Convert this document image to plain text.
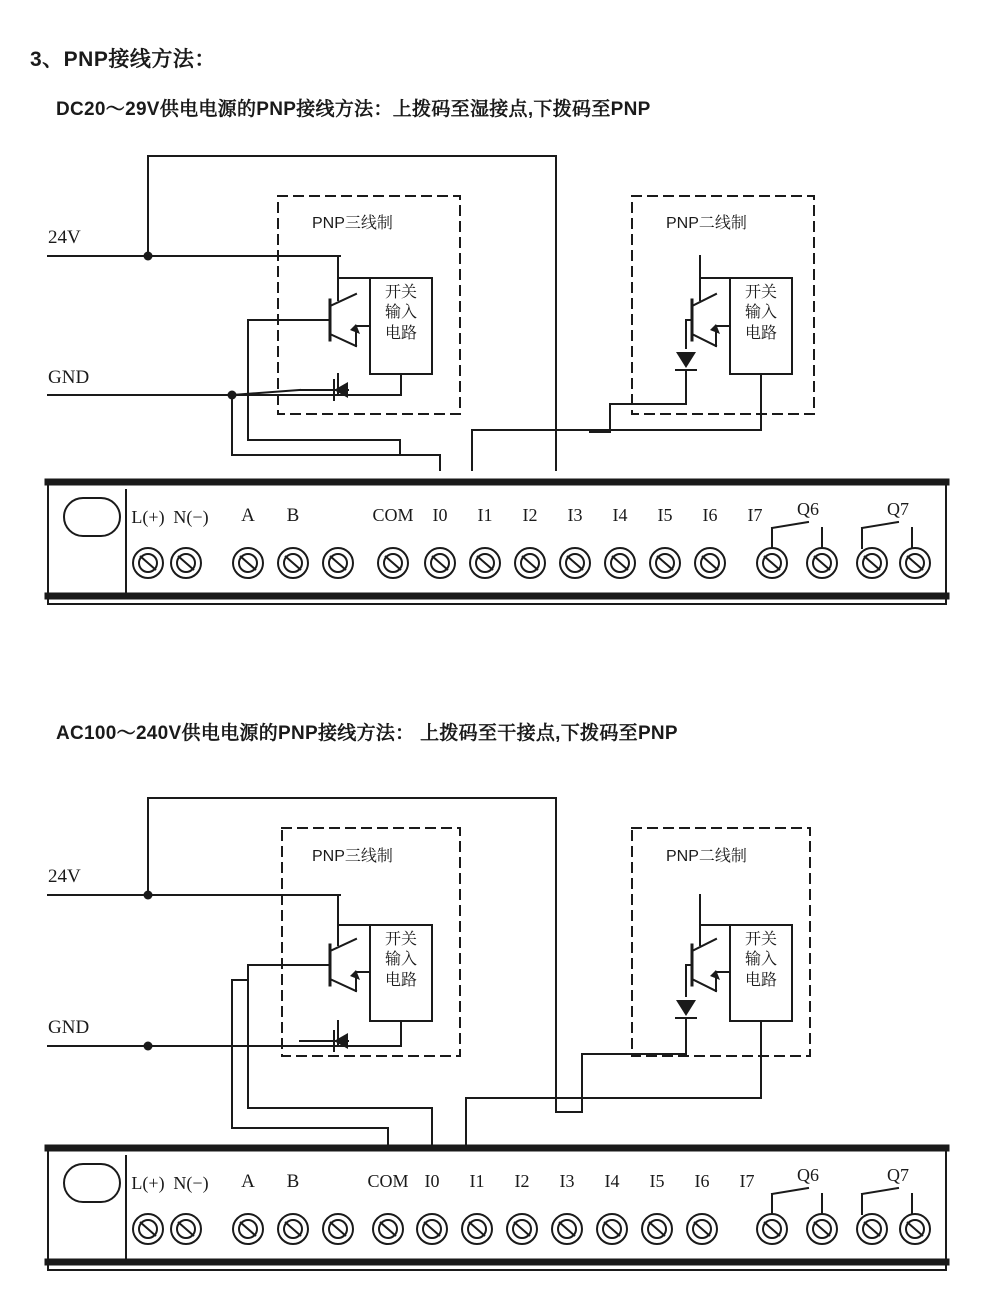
3、PNP接线方法：
DC20～29V供电电源的PNP接线方法：上拨码至湿接点,下拨码至PNP
AC100～240V供电电源的PNP接线方法： 上拨码至干接点,下拨码至PNP
24V
GND
L(+) N(−) A B	COM I0 I1 I2 I3 I4 I5 I6 I7 Q6	Q7
24V
GND
L(+) N(−) A B	COM I0 I1 I2 I3 I4 I5 I6 I7 Q6	Q7
PNP三线制	PNP二线制
开关
输入
电路
开关
输入
电路
PNP三线制	PNP二线制
开关
输入
电路
开关
输入
电路
